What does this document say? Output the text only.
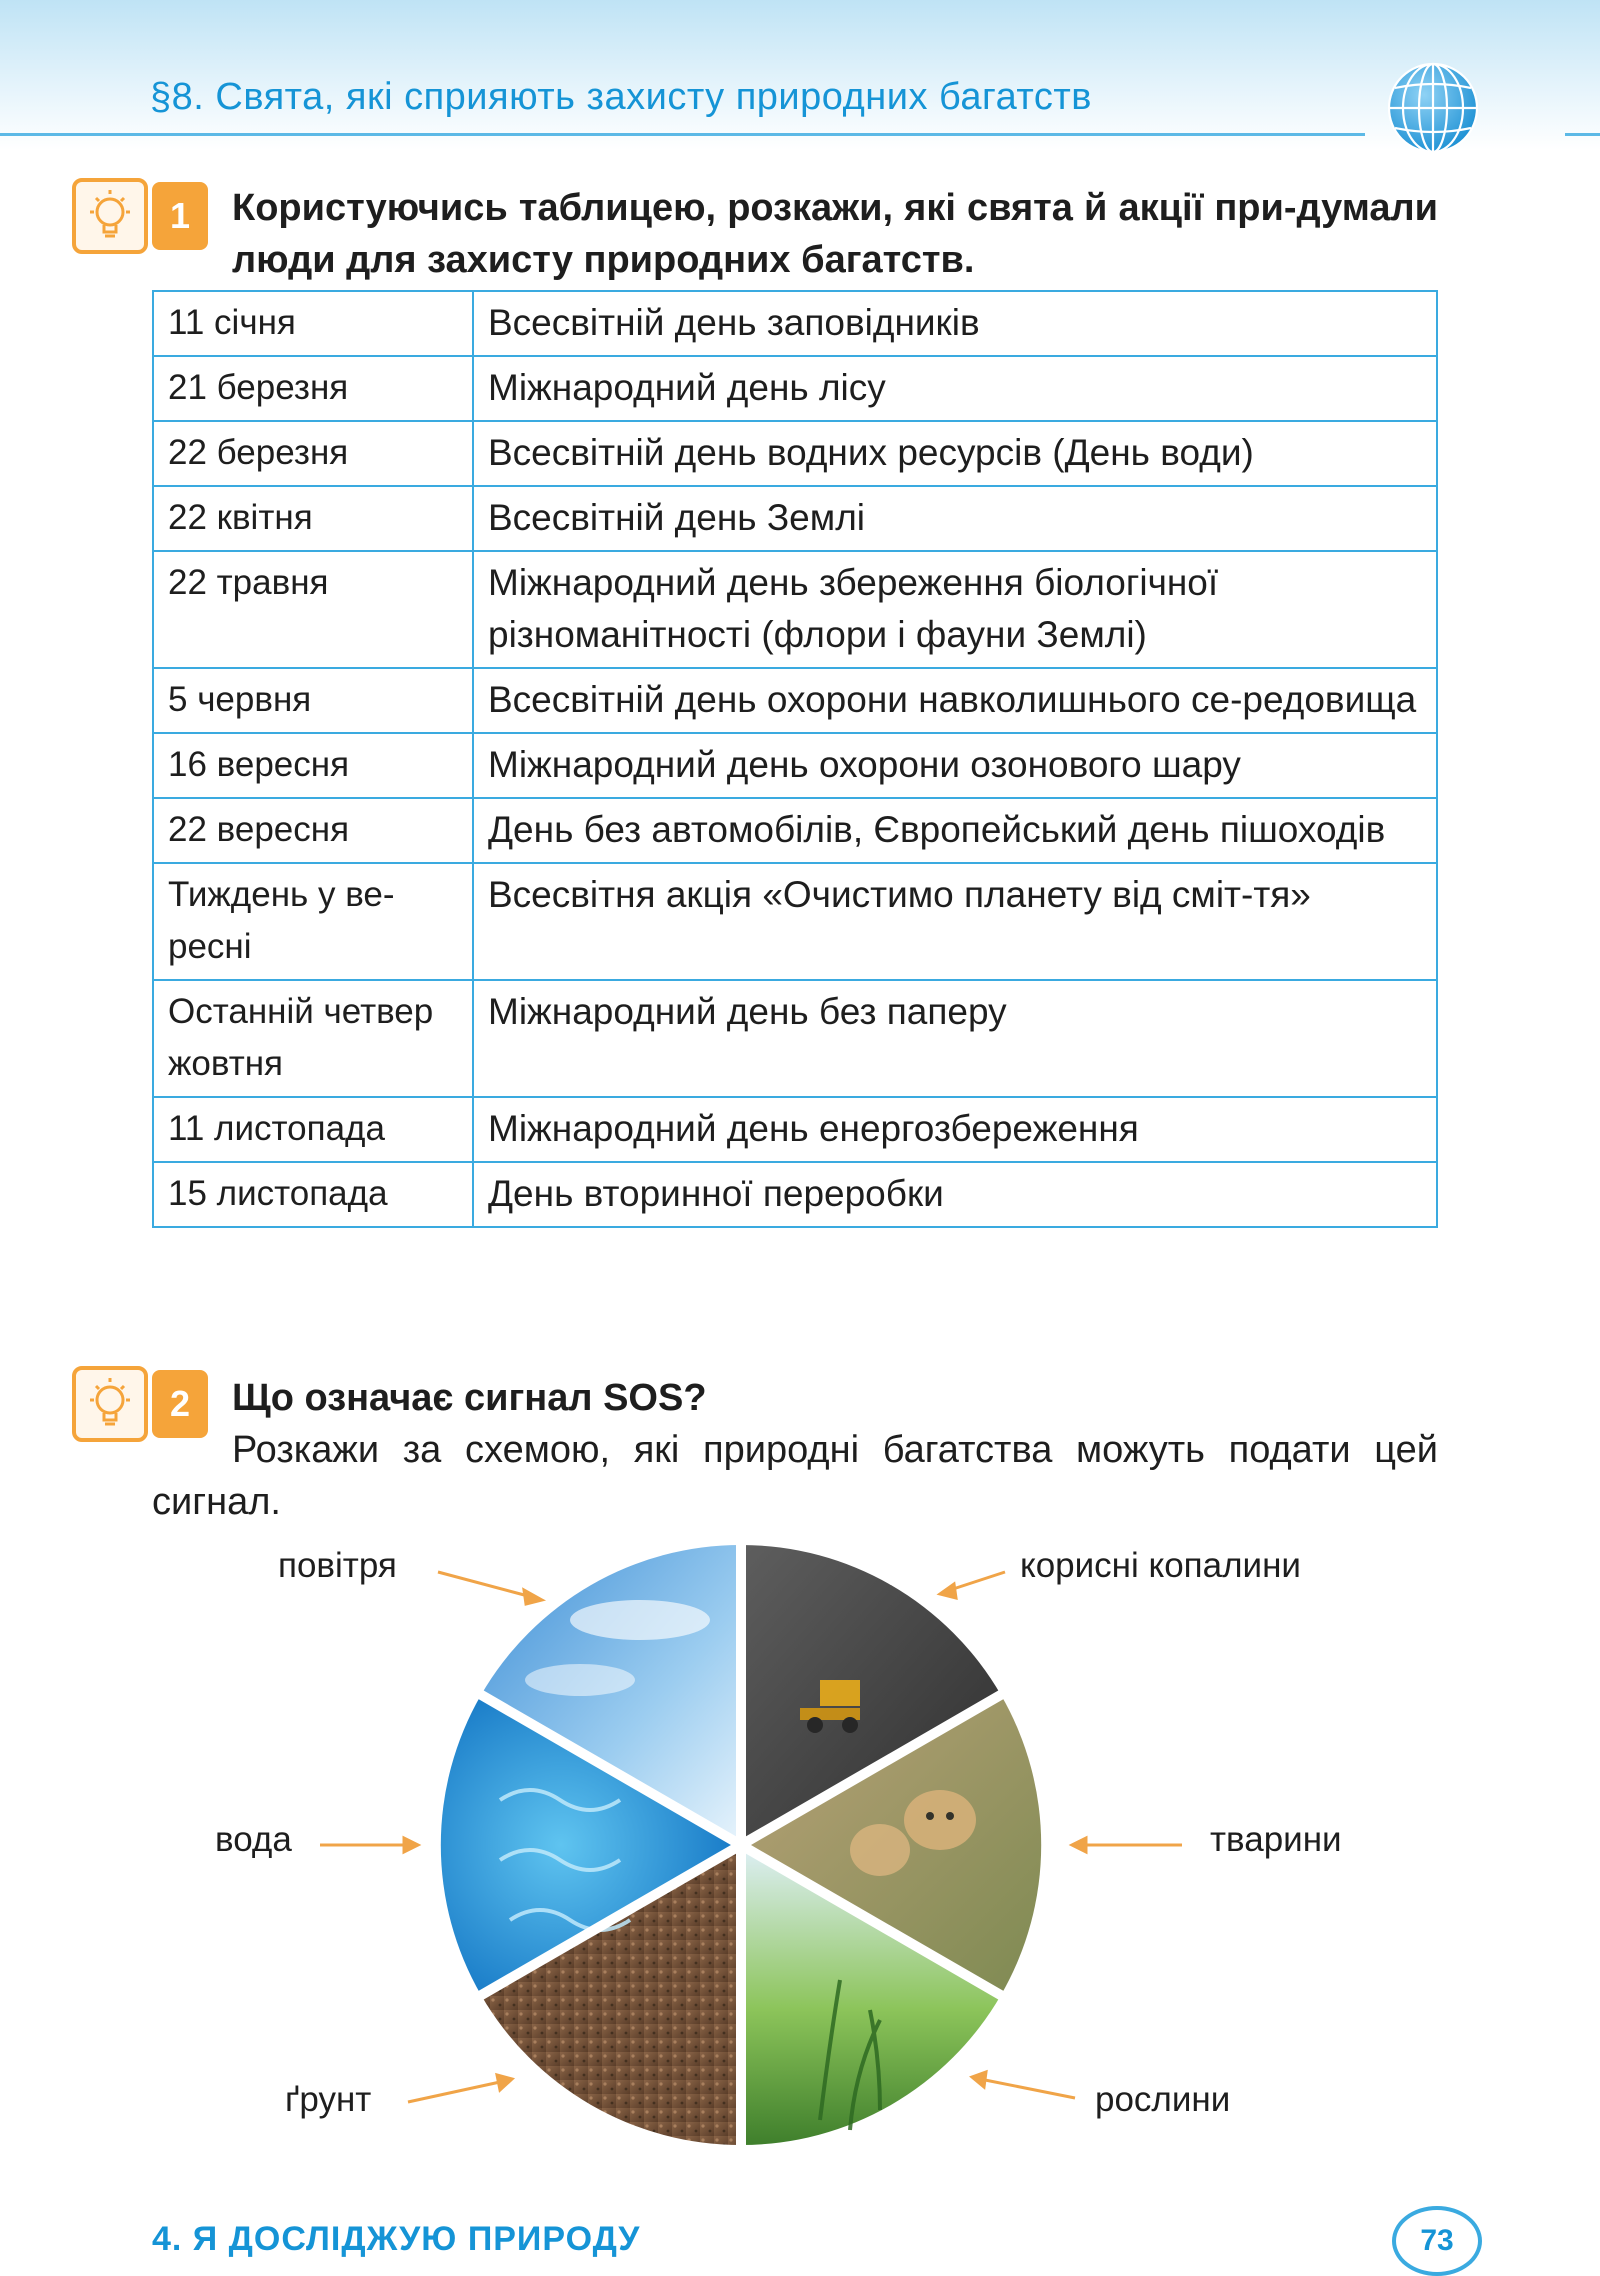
§8. Свята, які сприяють захисту природних багатств
1	Користуючись таблицею, розкажи, які свята й акції при-думали люди для захисту природних багатств.
11 січня	Всесвітній день заповідників
21 березня	Міжнародний день лісу
22 березня	Всесвітній день водних ресурсів (День води)
22 квітня	Всесвітній день Землі
22 травня	Міжнародний день збереження біологічної різноманітності (флори і фауни Землі)
5 червня	Всесвітній день охорони навколишнього се-редовища
16 вересня	Міжнародний день охорони озонового шару
22 вересня	День без автомобілів, Європейський день пішоходів
Тиждень у ве-ресні	Всесвітня акція «Очистимо планету від сміт-тя»
Останній четвер жовтня	Міжнародний день без паперу
11 листопада	Міжнародний день енергозбереження
15 листопада	День вторинної переробки
2	Що означає сигнал SOS?
Розкажи за схемою, які природні багатства можуть подати цей сигнал.
повітря	корисні копалини
вода	тварини
ґрунт	рослини
4. Я ДОСЛІДЖУЮ ПРИРОДУ	73
